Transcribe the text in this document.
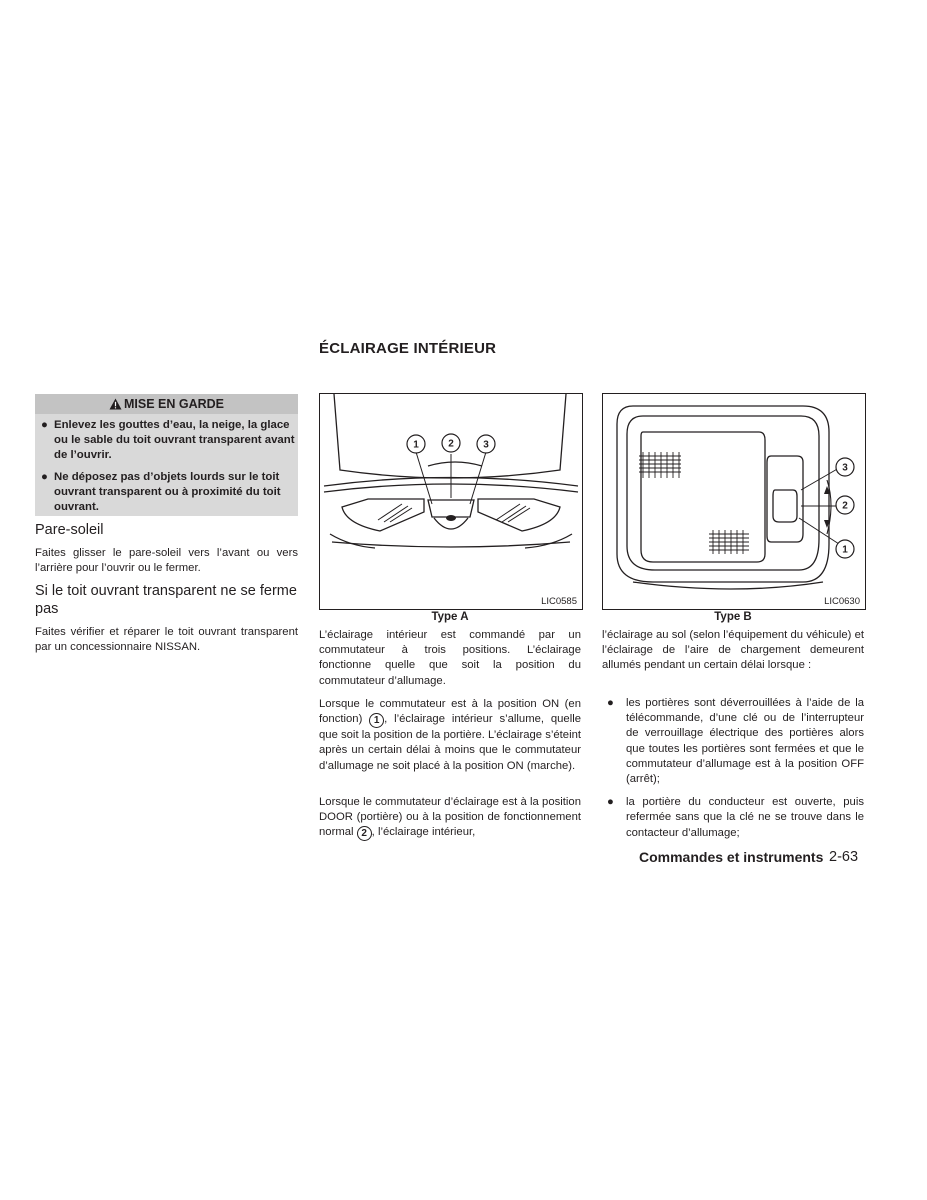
ÉCLAIRAGE INTÉRIEUR
MISE EN GARDE
● Enlevez les gouttes d’eau, la neige, la glace ou le sable du toit ouvrant transparent avant de l’ouvrir.
● Ne déposez pas d’objets lourds sur le toit ouvrant transparent ou à proximité du toit ouvrant.
Pare-soleil
Faites glisser le pare-soleil vers l’avant ou vers l’arrière pour l’ouvrir ou le fermer.
Si le toit ouvrant transparent ne se ferme pas
Faites vérifier et réparer le toit ouvrant transparent par un concessionnaire NISSAN.
1	2	3
LIC0585
Type A
3
2
1
LIC0630
Type B
L’éclairage intérieur est commandé par un commutateur à trois positions. L’éclairage fonctionne quelle que soit la position du commutateur d’allumage.
Lorsque le commutateur est à la position ON (en fonction) 1 , l’éclairage intérieur s’allume, quelle que soit la position de la portière. L’éclairage s’éteint après un certain délai à moins que le commutateur d’allumage ne soit placé à la position ON (marche).
Lorsque le commutateur d’éclairage est à la position DOOR (portière) ou à la position de fonctionnement normal 2 , l’éclairage intérieur,
l’éclairage au sol (selon l’équipement du véhicule) et l’éclairage de l’aire de chargement demeurent allumés pendant un certain délai lorsque :
● les portières sont déverrouillées à l’aide de la télécommande, d’une clé ou de l’interrupteur de verrouillage électrique des portières alors que toutes les portières sont fermées et que le commutateur d’allumage est à la position OFF (arrêt);
● la portière du conducteur est ouverte, puis refermée sans que la clé ne se trouve dans le contacteur d’allumage;
Commandes et instruments 2-63
